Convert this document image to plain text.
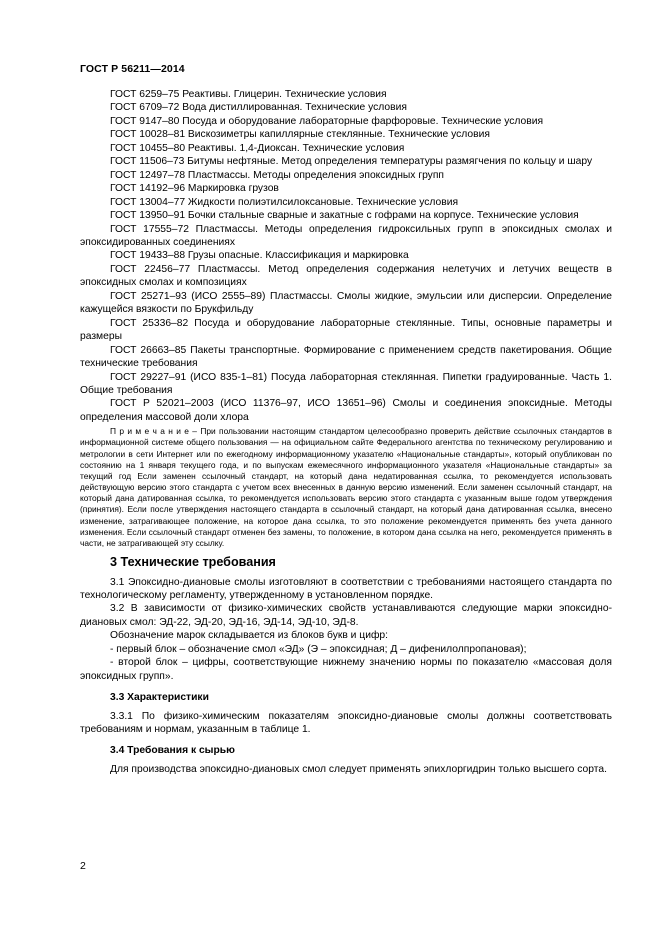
ГОСТ Р 56211—2014

ГОСТ 6259–75 Реактивы. Глицерин. Технические условия

ГОСТ 6709–72 Вода дистиллированная. Технические условия

ГОСТ 9147–80 Посуда и оборудование лабораторные фарфоровые. Технические условия

ГОСТ 10028–81 Вискозиметры капиллярные стеклянные. Технические условия

ГОСТ 10455–80 Реактивы. 1,4-Диоксан. Технические условия

ГОСТ 11506–73 Битумы нефтяные. Метод определения температуры размягчения по кольцу и шару

ГОСТ 12497–78 Пластмассы. Методы определения эпоксидных групп

ГОСТ 14192–96 Маркировка грузов

ГОСТ 13004–77 Жидкости полиэтилсилоксановые. Технические условия

ГОСТ 13950–91 Бочки стальные сварные и закатные с гофрами на корпусе. Технические условия

ГОСТ 17555–72 Пластмассы. Методы определения гидроксильных групп в эпоксидных смолах и эпоксидированных соединениях

ГОСТ 19433–88 Грузы опасные. Классификация и маркировка

ГОСТ 22456–77 Пластмассы. Метод определения содержания нелетучих и летучих веществ в эпоксидных смолах и композициях

ГОСТ 25271–93 (ИСО 2555–89) Пластмассы. Смолы жидкие, эмульсии или дисперсии. Определение кажущейся вязкости по Брукфильду

ГОСТ 25336–82 Посуда и оборудование лабораторные стеклянные. Типы, основные параметры и размеры

ГОСТ 26663–85 Пакеты транспортные. Формирование с применением средств пакетирования. Общие технические требования

ГОСТ 29227–91 (ИСО 835-1–81) Посуда лабораторная стеклянная. Пипетки градуированные. Часть 1. Общие требования

ГОСТ Р 52021–2003 (ИСО 11376–97, ИСО 13651–96) Смолы и соединения эпоксидные. Методы определения массовой доли хлора

П р и м е ч а н и е – При пользовании настоящим стандартом целесообразно проверить действие ссылочных стандартов в информационной системе общего пользования — на официальном сайте Федерального агентства по техническому регулированию и метрологии в сети Интернет или по ежегодному информационному указателю «Национальные стандарты», который опубликован по состоянию на 1 января текущего года, и по выпускам ежемесячного информационного указателя «Национальные стандарты» за текущий год Если заменен ссылочный стандарт, на который дана недатированная ссылка, то рекомендуется использовать действующую версию этого стандарта с учетом всех внесенных в данную версию изменений. Если заменен ссылочный стандарт, на который дана датированная ссылка, то рекомендуется использовать версию этого стандарта с указанным выше годом утверждения (принятия). Если после утверждения настоящего стандарта в ссылочный стандарт, на который дана датированная ссылка, внесено изменение, затрагивающее положение, на которое дана ссылка, то это положение рекомендуется применять без учета данного изменения. Если ссылочный стандарт отменен без замены, то положение, в котором дана ссылка на него, рекомендуется применять в части, не затрагивающей эту ссылку.

3 Технические требования

3.1 Эпоксидно-диановые смолы изготовляют в соответствии с требованиями настоящего стандарта по технологическому регламенту, утвержденному в установленном порядке.

3.2 В зависимости от физико-химических свойств устанавливаются следующие марки эпоксидно-диановых смол: ЭД-22, ЭД-20, ЭД-16, ЭД-14, ЭД-10, ЭД-8.

Обозначение марок складывается из блоков букв и цифр:

- первый блок – обозначение смол «ЭД» (Э – эпоксидная; Д – дифенилолпропановая);

- второй блок – цифры, соответствующие нижнему значению нормы по показателю «массовая доля эпоксидных групп».

3.3 Характеристики

3.3.1 По физико-химическим показателям эпоксидно-диановые смолы должны соответствовать требованиям и нормам, указанным в таблице 1.

3.4 Требования к сырью

Для производства эпоксидно-диановых смол следует применять эпихлоргидрин только высшего сорта.

2
